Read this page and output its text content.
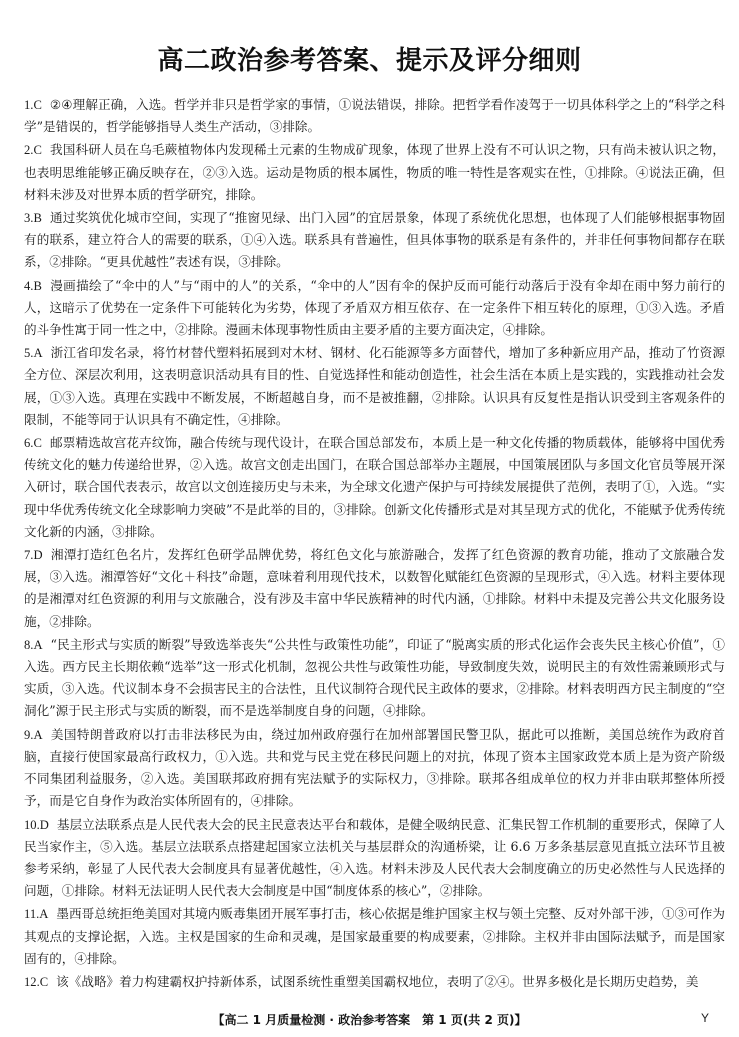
高二政治参考答案、提示及评分细则
1.C ②④理解正确，入选。哲学并非只是哲学家的事情，①说法错误，排除。把哲学看作凌驾于一切具体科学之上的“科学之科学”是错误的，哲学能够指导人类生产活动，③排除。
2.C 我国科研人员在乌毛蕨植物体内发现稀土元素的生物成矿现象，体现了世界上没有不可认识之物，只有尚未被认识之物，也表明思维能够正确反映存在，②③入选。运动是物质的根本属性，物质的唯一特性是客观实在性，①排除。④说法正确，但材料未涉及对世界本质的哲学研究，排除。
3.B 通过奖筑优化城市空间，实现了“推窗见绿、出门入园”的宜居景象，体现了系统优化思想，也体现了人们能够根据事物固有的联系，建立符合人的需要的联系，①④入选。联系具有普遍性，但具体事物的联系是有条件的，并非任何事物间都存在联系，②排除。“更具优越性”表述有误，③排除。
4.B 漫画描绘了“伞中的人”与“雨中的人”的关系，“伞中的人”因有伞的保护反而可能行动落后于没有伞却在雨中努力前行的人，这暗示了优势在一定条件下可能转化为劣势，体现了矛盾双方相互依存、在一定条件下相互转化的原理，①③入选。矛盾的斗争性寓于同一性之中，②排除。漫画未体现事物性质由主要矛盾的主要方面决定，④排除。
5.A 浙江省印发名录，将竹材替代塑料拓展到对木材、钢材、化石能源等多方面替代，增加了多种新应用产品，推动了竹资源全方位、深层次利用，这表明意识活动具有目的性、自觉选择性和能动创造性，社会生活在本质上是实践的，实践推动社会发展，①③入选。真理在实践中不断发展，不断超越自身，而不是被推翻，②排除。认识具有反复性是指认识受到主客观条件的限制，不能等同于认识具有不确定性，④排除。
6.C 邮票精选故宫花卉纹饰，融合传统与现代设计，在联合国总部发布，本质上是一种文化传播的物质载体，能够将中国优秀传统文化的魅力传递给世界，②入选。故宫文创走出国门，在联合国总部举办主题展，中国策展团队与多国文化官员等展开深入研讨，联合国代表表示，故宫以文创连接历史与未来，为全球文化遗产保护与可持续发展提供了范例，表明了①，入选。“实现中华优秀传统文化全球影响力突破”不是此举的目的，③排除。创新文化传播形式是对其呈现方式的优化，不能赋予优秀传统文化新的内涵，③排除。
7.D 湘潭打造红色名片，发挥红色研学品牌优势，将红色文化与旅游融合，发挥了红色资源的教育功能，推动了文旅融合发展，③入选。湘潭答好“文化＋科技”命题，意味着利用现代技术，以数智化赋能红色资源的呈现形式，④入选。材料主要体现的是湘潭对红色资源的利用与文旅融合，没有涉及丰富中华民族精神的时代内涵，①排除。材料中未提及完善公共文化服务设施，②排除。
8.A “民主形式与实质的断裂”导致选举丧失“公共性与政策性功能”，印证了“脱离实质的形式化运作会丧失民主核心价值”，①入选。西方民主长期依赖“选举”这一形式化机制，忽视公共性与政策性功能，导致制度失效，说明民主的有效性需兼顾形式与实质，③入选。代议制本身不会损害民主的合法性，且代议制符合现代民主政体的要求，②排除。材料表明西方民主制度的“空洞化”源于民主形式与实质的断裂，而不是选举制度自身的问题，④排除。
9.A 美国特朗普政府以打击非法移民为由，绕过加州政府强行在加州部署国民警卫队，据此可以推断，美国总统作为政府首脑，直接行使国家最高行政权力，①入选。共和党与民主党在移民问题上的对抗，体现了资本主国家政党本质上是为资产阶级不同集团利益服务，②入选。美国联邦政府拥有宪法赋予的实际权力，③排除。联邦各组成单位的权力并非由联邦整体所授予，而是它自身作为政治实体所固有的，④排除。
10.D 基层立法联系点是人民代表大会的民主民意表达平台和载体，是健全吸纳民意、汇集民智工作机制的重要形式，保障了人民当家作主，⑤入选。基层立法联系点搭建起国家立法机关与基层群众的沟通桥梁，让 6.6 万多条基层意见直抵立法环节且被参考采纳，彰显了人民代表大会制度具有显著优越性，④入选。材料未涉及人民代表大会制度确立的历史必然性与人民选择的问题，①排除。材料无法证明人民代表大会制度是中国“制度体系的核心”，②排除。
11.A 墨西哥总统拒绝美国对其境内贩毒集团开展军事打击，核心依据是维护国家主权与领土完整、反对外部干涉，①③可作为其观点的支撑论据，入选。主权是国家的生命和灵魂，是国家最重要的构成要素，②排除。主权并非由国际法赋予，而是国家固有的，④排除。
12.C 该《战略》着力构建霸权护持新体系，试图系统性重塑美国霸权地位，表明了②④。世界多极化是长期历史趋势，美
【高二 1 月质量检测 · 政治参考答案　第 1 页(共 2 页)】	Y
